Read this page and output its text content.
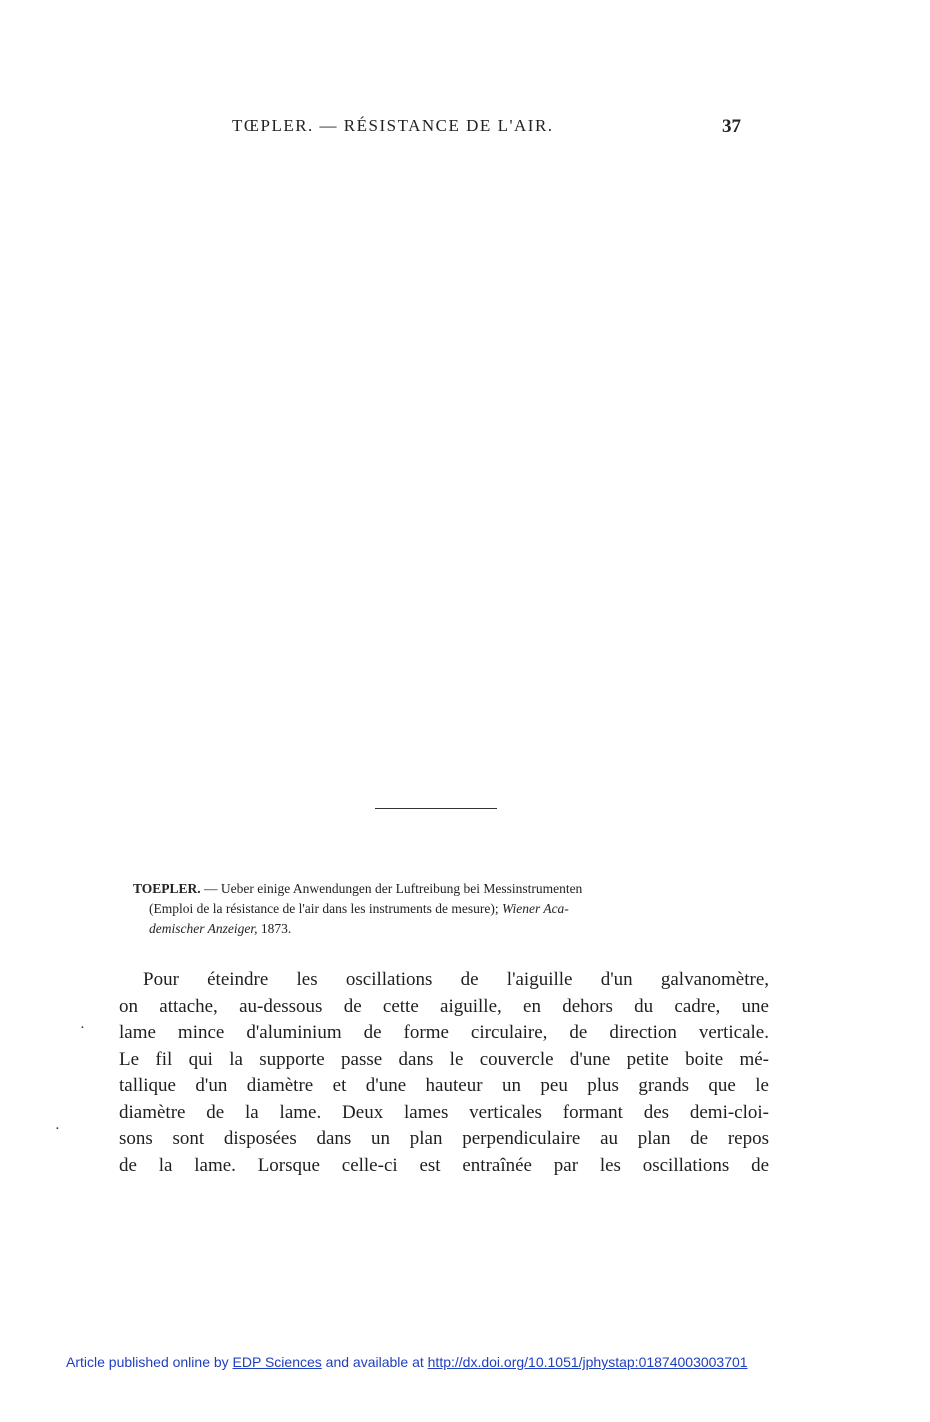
TŒPLER. — RÉSISTANCE DE L'AIR.	37
TOEPLER. — Ueber einige Anwendungen der Luftreibung bei Messinstrumenten
(Emploi de la résistance de l'air dans les instruments de mesure); Wiener Aca-
demischer Anzeiger, 1873.
Pour éteindre les oscillations de l'aiguille d'un galvanomètre,
on attache, au-dessous de cette aiguille, en dehors du cadre, une
lame mince d'aluminium de forme circulaire, de direction verticale.
Le fil qui la supporte passe dans le couvercle d'une petite boite mé-
tallique d'un diamètre et d'une hauteur un peu plus grands que le
diamètre de la lame. Deux lames verticales formant des demi-cloi-
sons sont disposées dans un plan perpendiculaire au plan de repos
de la lame. Lorsque celle-ci est entraînée par les oscillations de
⋅
⋅
Article published online by EDP Sciences and available at http://dx.doi.org/10.1051/jphystap:01874003003701
